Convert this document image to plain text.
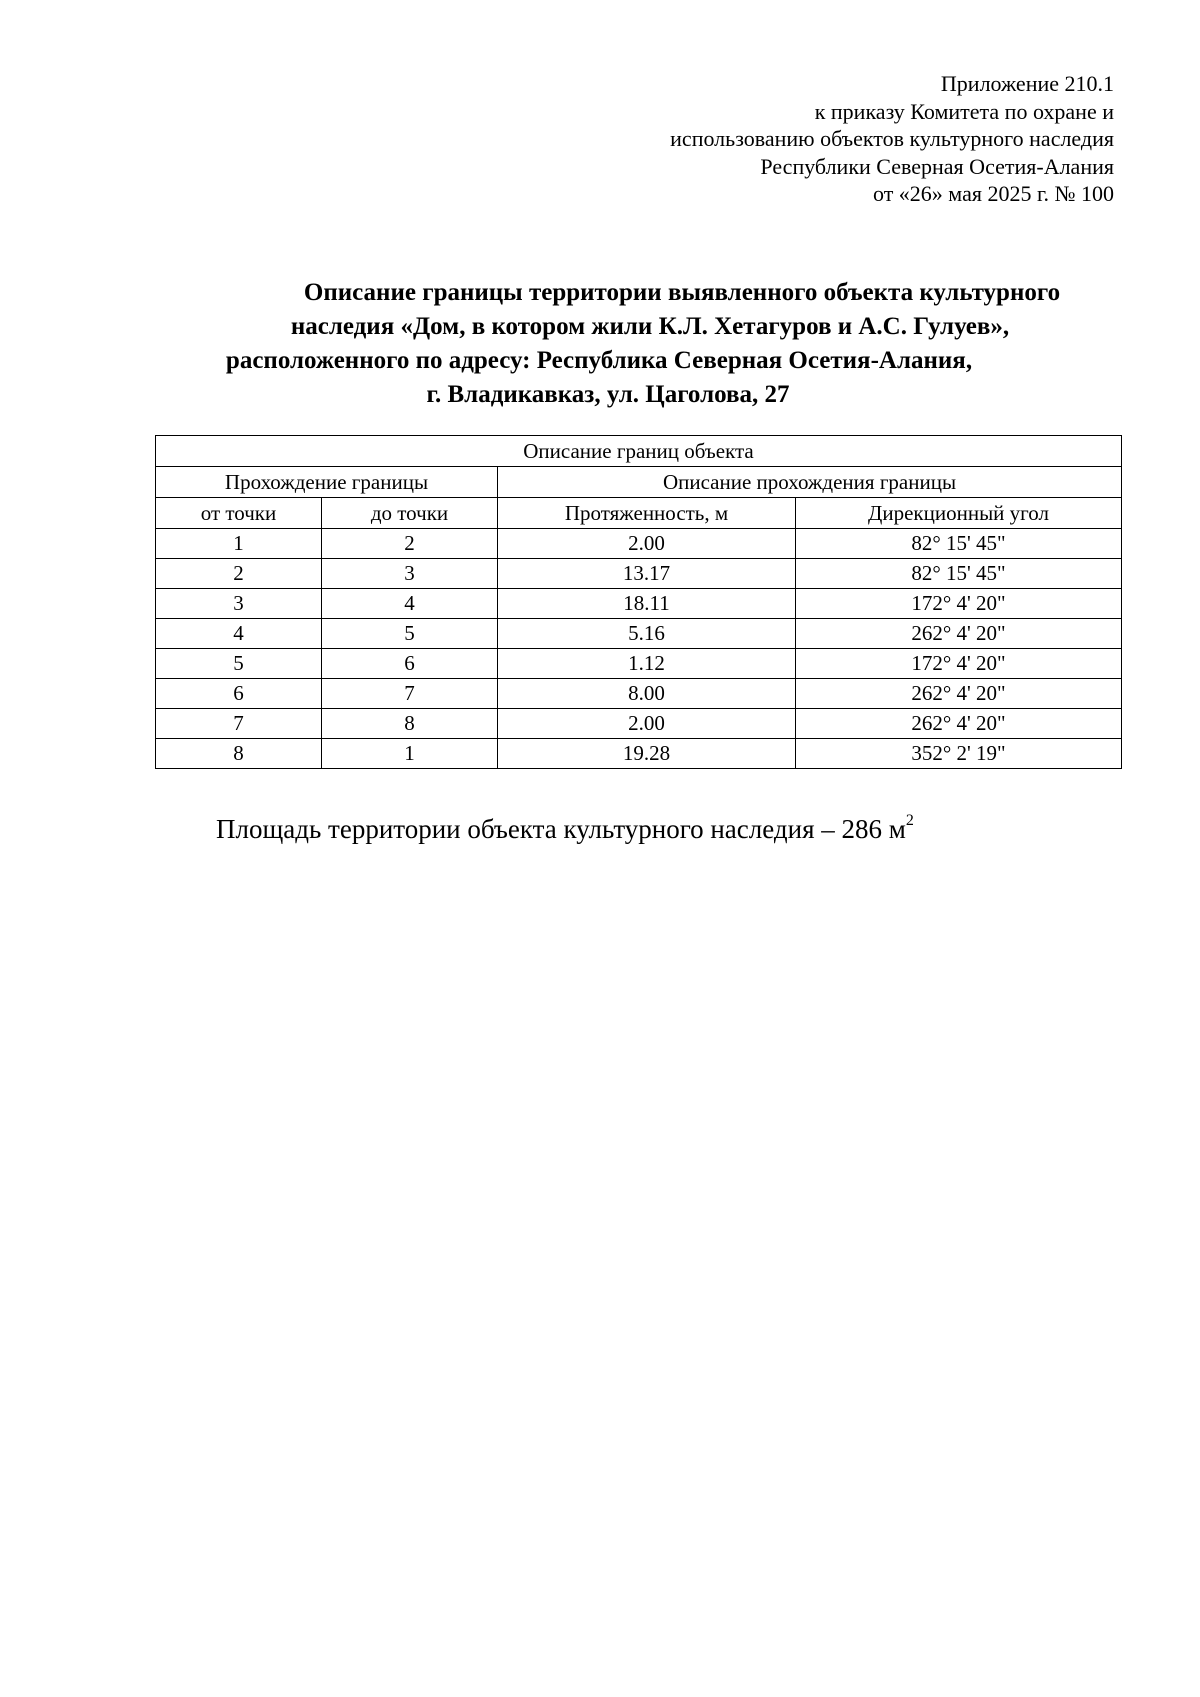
Приложение 210.1
к приказу Комитета по охране и
использованию объектов культурного наследия
Республики Северная Осетия-Алания
от «26» мая 2025 г. № 100
Описание границы территории выявленного объекта культурного
наследия «Дом, в котором жили К.Л. Хетагуров и А.С. Гулуев»,
расположенного по адресу: Республика Северная Осетия-Алания,
г. Владикавказ, ул. Цаголова, 27
Описание границ объекта			
Прохождение границы		Описание прохождения границы	
от точки	до точки	Протяженность, м	Дирекционный угол
1	2	2.00	82° 15' 45"
2	3	13.17	82° 15' 45"
3	4	18.11	172° 4' 20"
4	5	5.16	262° 4' 20"
5	6	1.12	172° 4' 20"
6	7	8.00	262° 4' 20"
7	8	2.00	262° 4' 20"
8	1	19.28	352° 2' 19"
Площадь территории объекта культурного наследия – 286 $м^2$
